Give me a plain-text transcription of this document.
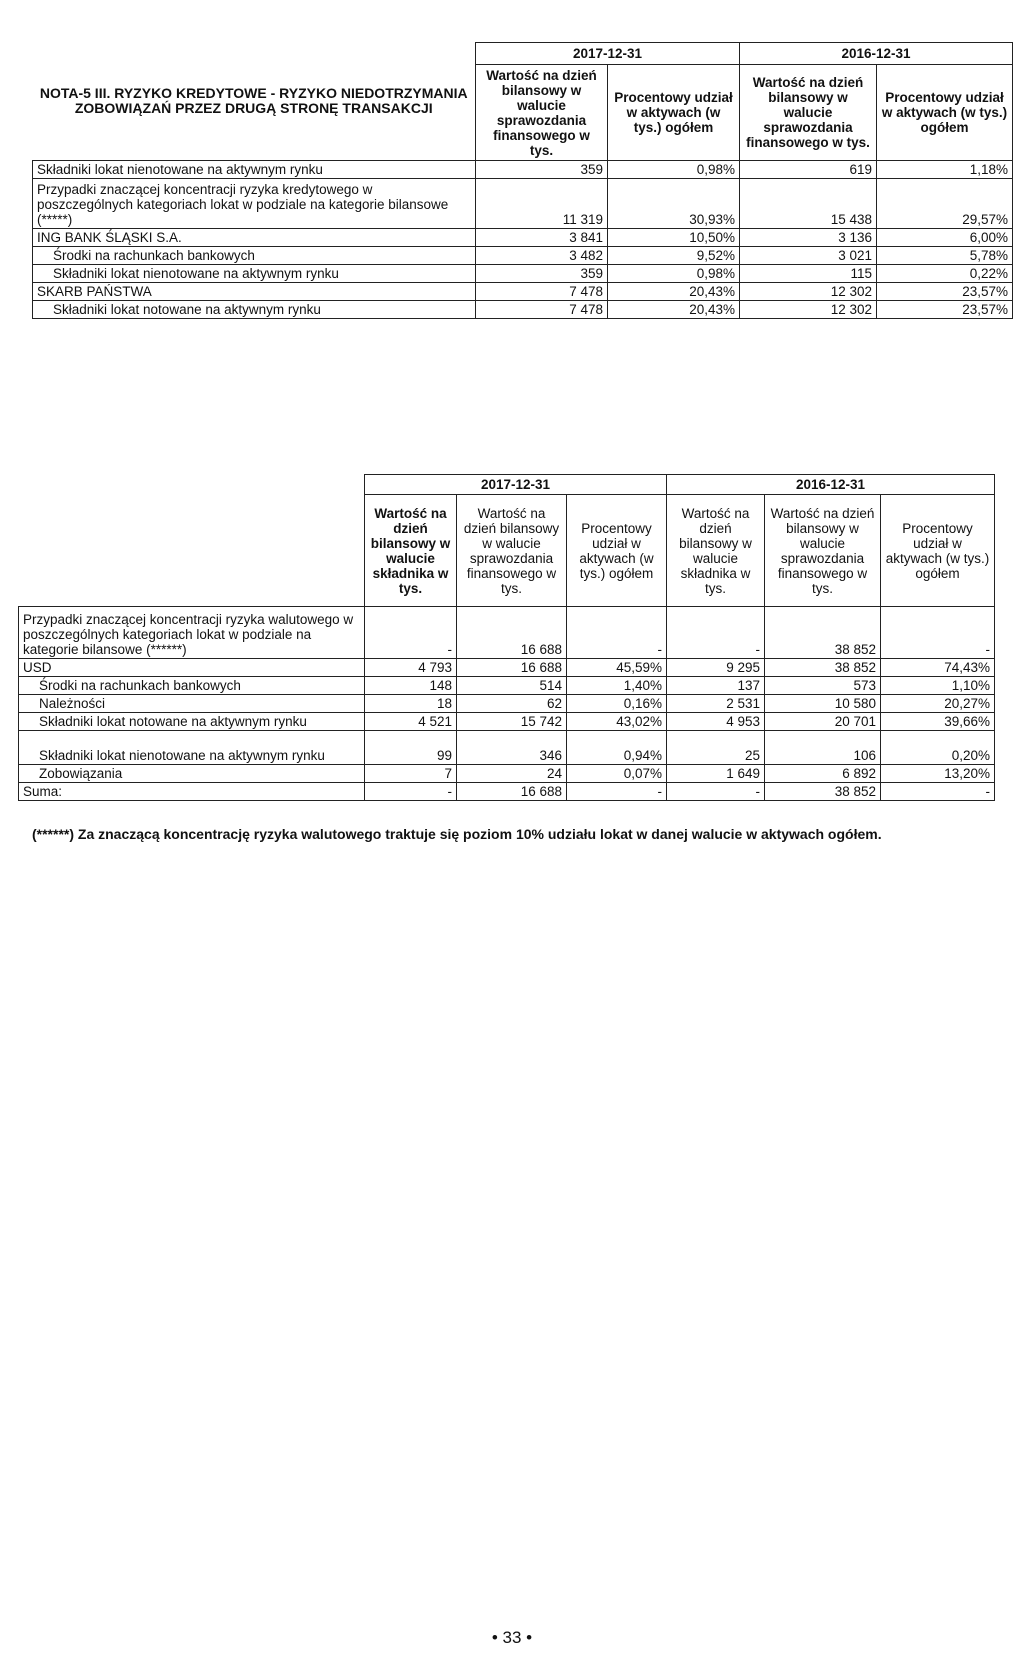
NOTA-5 III. RYZYKO KREDYTOWE - RYZYKO NIEDOTRZYMANIA ZOBOWIĄZAŃ PRZEZ DRUGĄ STRONĘ TRANSAKCJI	2017-12-31		2016-12-31	
	Wartość na dzień bilansowy w walucie sprawozdania finansowego w tys.	Procentowy udział w aktywach (w tys.) ogółem	Wartość na dzień bilansowy w walucie sprawozdania finansowego w tys.	Procentowy udział w aktywach (w tys.) ogółem
Składniki lokat nienotowane na aktywnym rynku	359	0,98%	619	1,18%
Przypadki znaczącej koncentracji ryzyka kredytowego w poszczególnych kategoriach lokat w podziale na kategorie bilansowe (*****)	11 319	30,93%	15 438	29,57%
ING BANK ŚLĄSKI S.A.	3 841	10,50%	3 136	6,00%
Środki na rachunkach bankowych	3 482	9,52%	3 021	5,78%
Składniki lokat nienotowane na aktywnym rynku	359	0,98%	115	0,22%
SKARB PAŃSTWA	7 478	20,43%	12 302	23,57%
Składniki lokat notowane na aktywnym rynku	7 478	20,43%	12 302	23,57%
	2017-12-31			2016-12-31		
	Wartość na dzień bilansowy w walucie składnika w tys.	Wartość na dzień bilansowy w walucie sprawozdania finansowego w tys.	Procentowy udział w aktywach (w tys.) ogółem	Wartość na dzień bilansowy w walucie składnika w tys.	Wartość na dzień bilansowy w walucie sprawozdania finansowego w tys.	Procentowy udział w aktywach (w tys.) ogółem
Przypadki znaczącej koncentracji ryzyka walutowego w poszczególnych kategoriach lokat w podziale na kategorie bilansowe (******)	-	16 688	-	-	38 852	-
USD	4 793	16 688	45,59%	9 295	38 852	74,43%
Środki na rachunkach bankowych	148	514	1,40%	137	573	1,10%
Należności	18	62	0,16%	2 531	10 580	20,27%
Składniki lokat notowane na aktywnym rynku	4 521	15 742	43,02%	4 953	20 701	39,66%
Składniki lokat nienotowane na aktywnym rynku	99	346	0,94%	25	106	0,20%
Zobowiązania	7	24	0,07%	1 649	6 892	13,20%
Suma:	-	16 688	-	-	38 852	-
(******) Za znaczącą koncentrację ryzyka walutowego traktuje się poziom 10% udziału lokat w danej walucie w aktywach ogółem.
• 33 •
